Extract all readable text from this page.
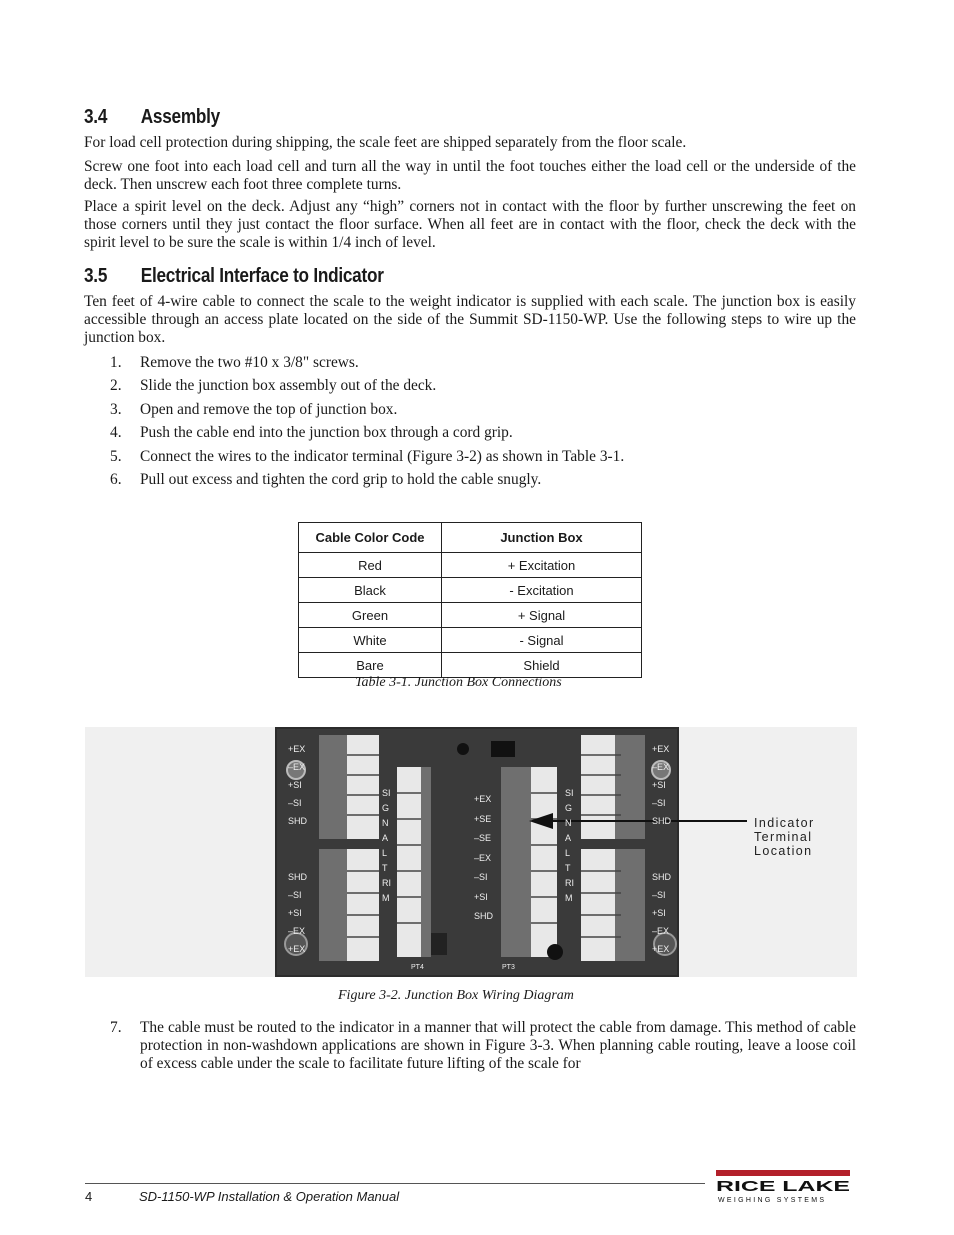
3.4 Assembly

For load cell protection during shipping, the scale feet are shipped separately from the floor scale.

Screw one foot into each load cell and turn all the way in until the foot touches either the load cell or the underside of the deck. Then unscrew each foot three complete turns.

Place a spirit level on the deck. Adjust any “high” corners not in contact with the floor by further unscrewing the feet on those corners until they just contact the floor surface. When all feet are in contact with the floor, check the deck with the spirit level to be sure the scale is within 1/4 inch of level.

3.5 Electrical Interface to Indicator

Ten feet of 4-wire cable to connect the scale to the weight indicator is supplied with each scale. The junction box is easily accessible through an access plate located on the side of the Summit SD-1150-WP. Use the following steps to wire up the junction box.

1. Remove the two #10 x 3/8" screws.
2. Slide the junction box assembly out of the deck.
3. Open and remove the top of junction box.
4. Push the cable end into the junction box through a cord grip.
5. Connect the wires to the indicator terminal (Figure 3-2) as shown in Table 3-1.
6. Pull out excess and tighten the cord grip to hold the cable snugly.
Cable Color Code	Junction Box
Red	+ Excitation
Black	- Excitation
Green	+ Signal
White	- Signal
Bare	Shield
Table 3-1. Junction Box Connections
+EX
–EX
+SI
–SI
SHD
SHD
–SI
+SI
–EX
+EX
+EX
–EX
+SI
–SI
SHD
SHD
–SI
+SI
–EX
+EX
+EX
+SE
–SE
–EX
–SI
+SI
SHD
SIGNAL TRIM
SIGNAL TRIM
PT4	PT3
Indicator
Terminal
Location
Figure 3-2. Junction Box Wiring Diagram
7. The cable must be routed to the indicator in a manner that will protect the cable from damage. This method of cable protection in non-washdown applications are shown in Figure 3-3. When planning cable routing, leave a loose coil of excess cable under the scale to facilitate future lifting of the scale for
4	SD-1150-WP Installation & Operation Manual
RICE LAKE
WEIGHING SYSTEMS
